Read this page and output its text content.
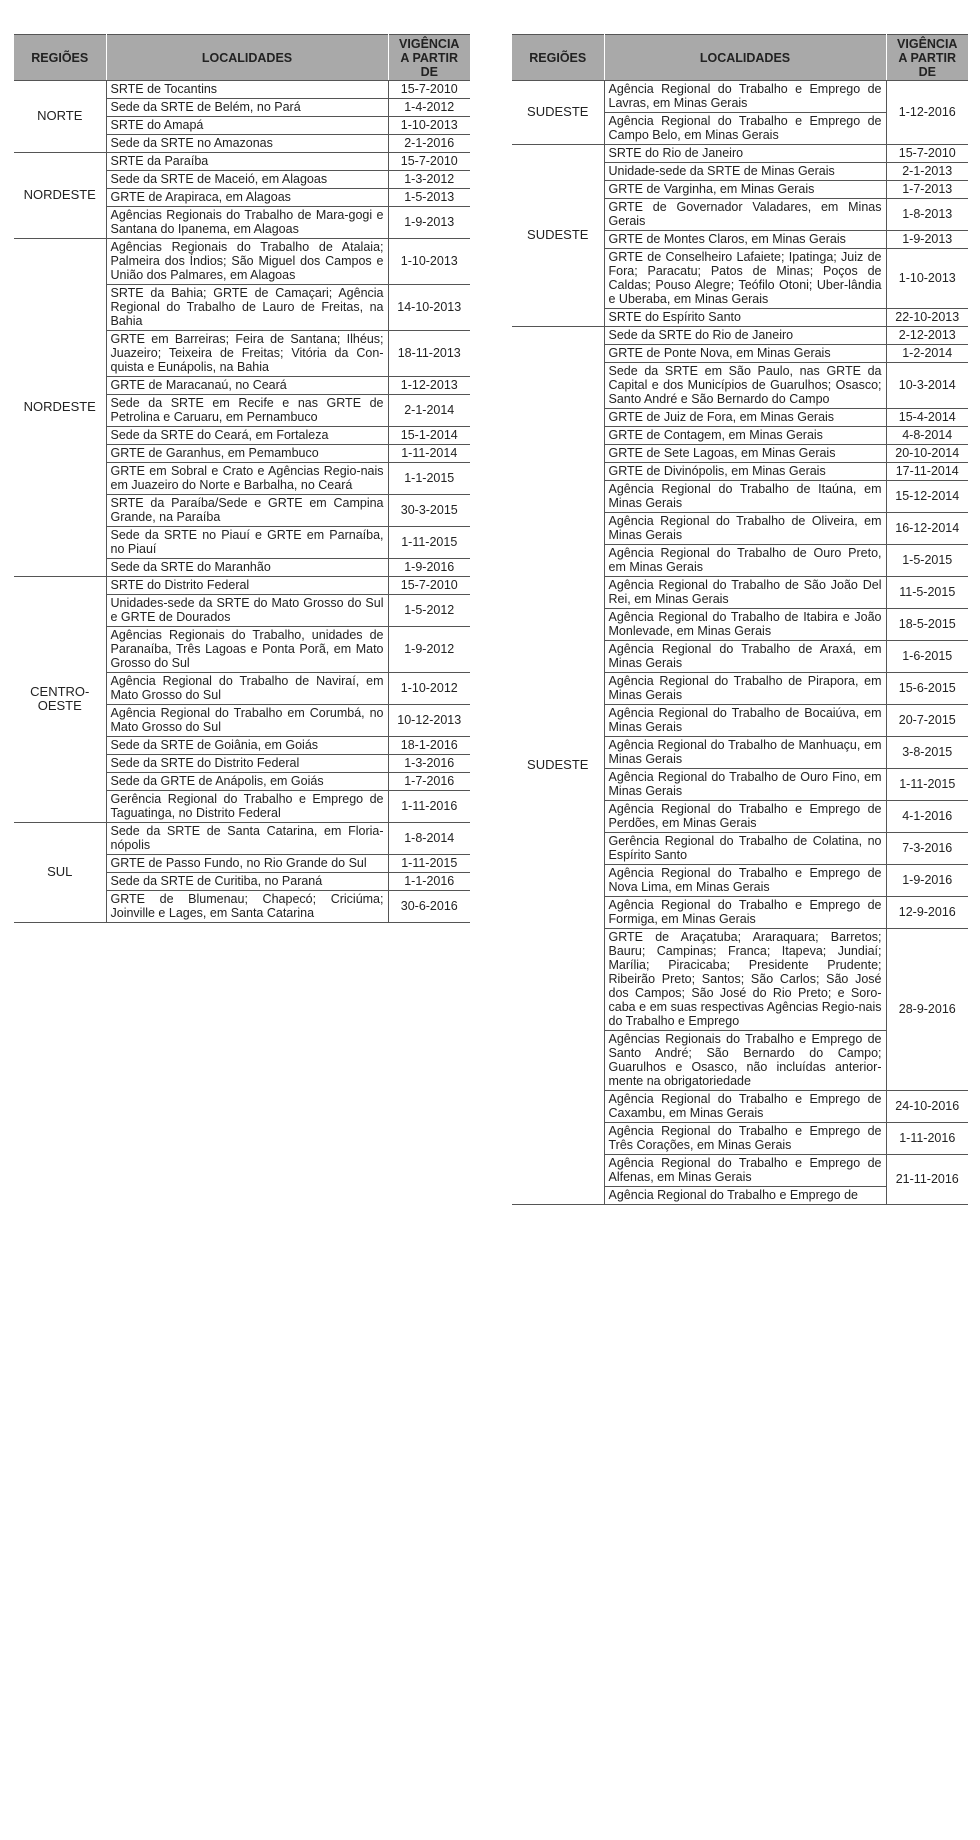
REGIÕES	LOCALIDADES	VIGÊNCIA
A PARTIR DE
NORTE	SRTE de Tocantins	15-7-2010
	Sede da SRTE de Belém, no Pará	1-4-2012
	SRTE do Amapá	1-10-2013
	Sede da SRTE no Amazonas	2-1-2016
NORDESTE	SRTE da Paraíba	15-7-2010
	Sede da SRTE de Maceió, em Alagoas	1-3-2012
	GRTE de Arapiraca, em Alagoas	1-5-2013
	Agências Regionais do Trabalho de Mara-gogi e Santana do Ipanema, em Alagoas	1-9-2013
NORDESTE	Agências Regionais do Trabalho de Atalaia; Palmeira dos Índios; São Miguel dos Campos e União dos Palmares, em Alagoas	1-10-2013
	SRTE da Bahia; GRTE de Camaçari; Agência Regional do Trabalho de Lauro de Freitas, na Bahia	14-10-2013
	GRTE em Barreiras; Feira de Santana; Ilhéus; Juazeiro; Teixeira de Freitas; Vitória da Con-quista e Eunápolis, na Bahia	18-11-2013
	GRTE de Maracanaú, no Ceará	1-12-2013
	Sede da SRTE em Recife e nas GRTE de Petrolina e Caruaru, em Pernambuco	2-1-2014
	Sede da SRTE do Ceará, em Fortaleza	15-1-2014
	GRTE de Garanhus, em Pemambuco	1-11-2014
	GRTE em Sobral e Crato e Agências Regio-nais em Juazeiro do Norte e Barbalha, no Ceará	1-1-2015
	SRTE da Paraíba/Sede e GRTE em Campina Grande, na Paraíba	30-3-2015
	Sede da SRTE no Piauí e GRTE em Parnaíba, no Piauí	1-11-2015
	Sede da SRTE do Maranhão	1-9-2016
CENTRO-OESTE	SRTE do Distrito Federal	15-7-2010
	Unidades-sede da SRTE do Mato Grosso do Sul e GRTE de Dourados	1-5-2012
	Agências Regionais do Trabalho, unidades de Paranaíba, Três Lagoas e Ponta Porã, em Mato Grosso do Sul	1-9-2012
	Agência Regional do Trabalho de Naviraí, em Mato Grosso do Sul	1-10-2012
	Agência Regional do Trabalho em Corumbá, no Mato Grosso do Sul	10-12-2013
	Sede da SRTE de Goiânia, em Goiás	18-1-2016
	Sede da SRTE do Distrito Federal	1-3-2016
	Sede da GRTE de Anápolis, em Goiás	1-7-2016
	Gerência Regional do Trabalho e Emprego de Taguatinga, no Distrito Federal	1-11-2016
SUL	Sede da SRTE de Santa Catarina, em Floria-nópolis	1-8-2014
	GRTE de Passo Fundo, no Rio Grande do Sul	1-11-2015
	Sede da SRTE de Curitiba, no Paraná	1-1-2016
	GRTE de Blumenau; Chapecó; Criciúma; Joinville e Lages, em Santa Catarina	30-6-2016
REGIÕES	LOCALIDADES	VIGÊNCIA
A PARTIR DE
SUDESTE	Agência Regional do Trabalho e Emprego de Lavras, em Minas Gerais	1-12-2016
	Agência Regional do Trabalho e Emprego de Campo Belo, em Minas Gerais	
SUDESTE	SRTE do Rio de Janeiro	15-7-2010
	Unidade-sede da SRTE de Minas Gerais	2-1-2013
	GRTE de Varginha, em Minas Gerais	1-7-2013
	GRTE de Governador Valadares, em Minas Gerais	1-8-2013
	GRTE de Montes Claros, em Minas Gerais	1-9-2013
	GRTE de Conselheiro Lafaiete; Ipatinga; Juiz de Fora; Paracatu; Patos de Minas; Poços de Caldas; Pouso Alegre; Teófilo Otoni; Uber-lândia e Uberaba, em Minas Gerais	1-10-2013
	SRTE do Espírito Santo	22-10-2013
SUDESTE	Sede da SRTE do Rio de Janeiro	2-12-2013
	GRTE de Ponte Nova, em Minas Gerais	1-2-2014
	Sede da SRTE em São Paulo, nas GRTE da Capital e dos Municípios de Guarulhos; Osasco; Santo André e São Bernardo do Campo	10-3-2014
	GRTE de Juiz de Fora, em Minas Gerais	15-4-2014
	GRTE de Contagem, em Minas Gerais	4-8-2014
	GRTE de Sete Lagoas, em Minas Gerais	20-10-2014
	GRTE de Divinópolis, em Minas Gerais	17-11-2014
	Agência Regional do Trabalho de Itaúna, em Minas Gerais	15-12-2014
	Agência Regional do Trabalho de Oliveira, em Minas Gerais	16-12-2014
	Agência Regional do Trabalho de Ouro Preto, em Minas Gerais	1-5-2015
	Agência Regional do Trabalho de São João Del Rei, em Minas Gerais	11-5-2015
	Agência Regional do Trabalho de Itabira e João Monlevade, em Minas Gerais	18-5-2015
	Agência Regional do Trabalho de Araxá, em Minas Gerais	1-6-2015
	Agência Regional do Trabalho de Pirapora, em Minas Gerais	15-6-2015
	Agência Regional do Trabalho de Bocaiúva, em Minas Gerais	20-7-2015
	Agência Regional do Trabalho de Manhuaçu, em Minas Gerais	3-8-2015
	Agência Regional do Trabalho de Ouro Fino, em Minas Gerais	1-11-2015
	Agência Regional do Trabalho e Emprego de Perdões, em Minas Gerais	4-1-2016
	Gerência Regional do Trabalho de Colatina, no Espírito Santo	7-3-2016
	Agência Regional do Trabalho e Emprego de Nova Lima, em Minas Gerais	1-9-2016
	Agência Regional do Trabalho e Emprego de Formiga, em Minas Gerais	12-9-2016
	GRTE de Araçatuba; Araraquara; Barretos; Bauru; Campinas; Franca; Itapeva; Jundiaí; Marília; Piracicaba; Presidente Prudente; Ribeirão Preto; Santos; São Carlos; São José dos Campos; São José do Rio Preto; e Soro-caba e em suas respectivas Agências Regio-nais do Trabalho e Emprego	28-9-2016
	Agências Regionais do Trabalho e Emprego de Santo André; São Bernardo do Campo; Guarulhos e Osasco, não incluídas anterior-mente na obrigatoriedade	
	Agência Regional do Trabalho e Emprego de Caxambu, em Minas Gerais	24-10-2016
	Agência Regional do Trabalho e Emprego de Três Corações, em Minas Gerais	1-11-2016
	Agência Regional do Trabalho e Emprego de Alfenas, em Minas Gerais	21-11-2016
	Agência Regional do Trabalho e Emprego de	
